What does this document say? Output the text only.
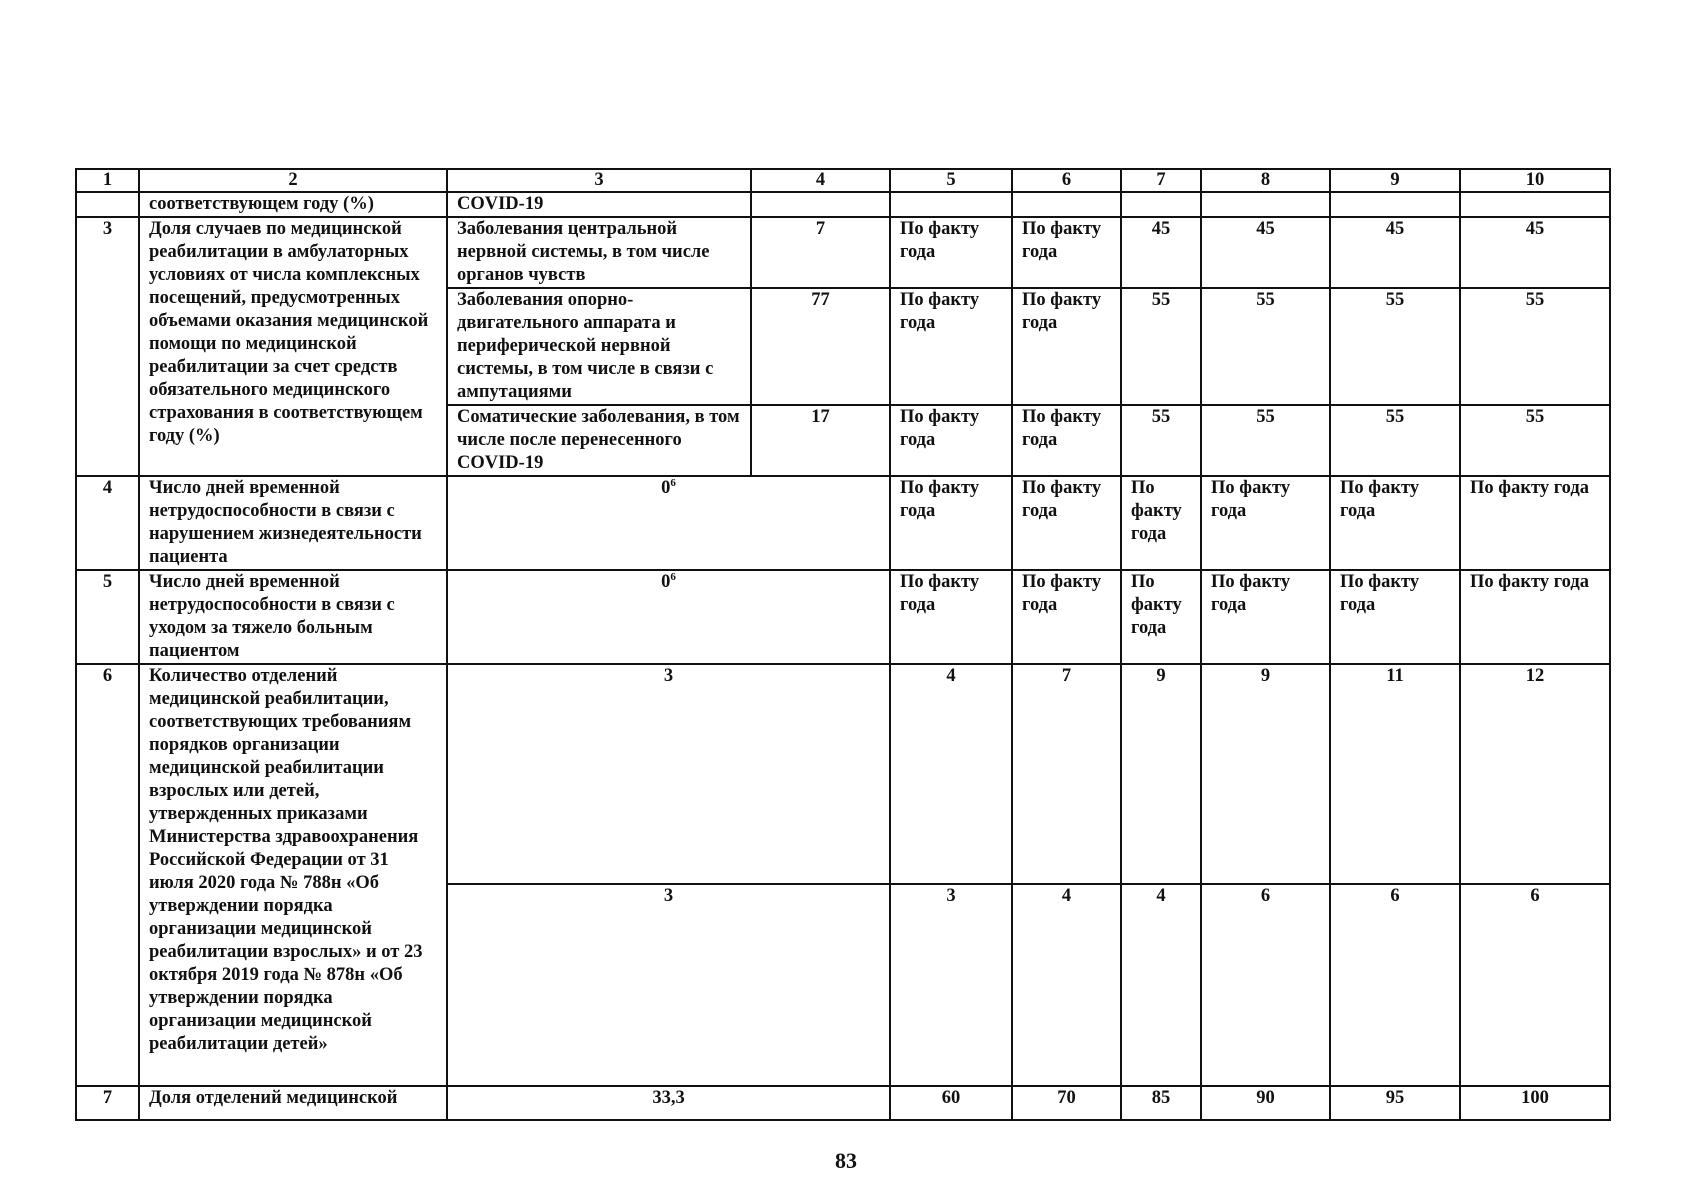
1	2	3	4	5	6	7	8	9	10
	соответствующем году (%)	COVID-19							
3	Доля случаев по медицинской реабилитации в амбулаторных условиях от числа комплексных посещений, предусмотренных объемами оказания медицинской помощи по медицинской реабилитации за счет средств обязательного медицинского страхования в соответствующем году (%)	Заболевания центральной нервной системы, в том числе органов чувств	7	По факту года	По факту года	45	45	45	45
		Заболевания опорно-двигательного аппарата и периферической нервной системы, в том числе в связи с ампутациями	77	По факту года	По факту года	55	55	55	55
		Соматические заболевания, в том числе после перенесенного COVID-19	17	По факту года	По факту года	55	55	55	55
4	Число дней временной нетрудоспособности в связи с нарушением жизнедеятельности пациента	$0^6$		По факту года	По факту года	По факту года	По факту года	По факту года	По факту года
5	Число дней временной нетрудоспособности в связи с уходом за тяжело больным пациентом	$0^6$		По факту года	По факту года	По факту года	По факту года	По факту года	По факту года
6	Количество отделений медицинской реабилитации, соответствующих требованиям порядков организации медицинской реабилитации взрослых или детей, утвержденных приказами Министерства здравоохранения Российской Федерации от 31 июля 2020 года № 788н «Об утверждении порядка организации медицинской реабилитации взрослых» и от 23 октября 2019 года № 878н «Об утверждении порядка организации медицинской реабилитации детей»	3		4	7	9	9	11	12
		3		3	4	4	6	6	6
7	Доля отделений медицинской	33,3		60	70	85	90	95	100
83
